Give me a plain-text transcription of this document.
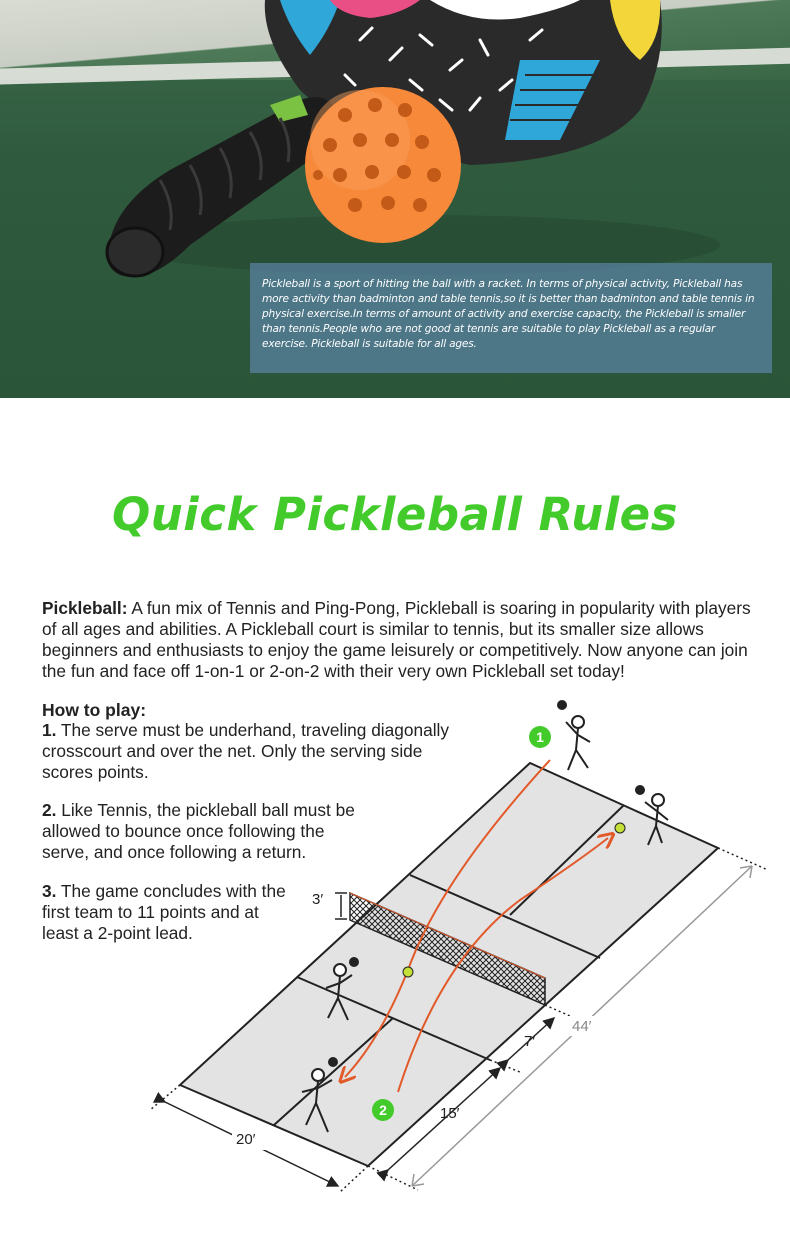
Pickleball is a sport of hitting the ball with a racket. In terms of physical activity, Pickleball has more activity than badminton and table tennis,so it is better than badminton and table tennis in physical exercise.In terms of amount of activity and exercise capacity, the Pickleball is smaller than tennis.People who are not good at tennis are suitable to play Pickleball as a regular exercise. Pickleball is suitable for all ages.

Quick Pickleball Rules
Pickleball: A fun mix of Tennis and Ping-Pong, Pickleball is soaring in popularity with players of all ages and abilities. A Pickleball court is similar to tennis, but its smaller size allows beginners and enthusiasts to enjoy the game leisurely or competitively. Now anyone can join the fun and face off 1-on-1 or 2-on-2 with their very own Pickleball set today!
How to play:
1. The serve must be underhand, traveling diagonally crosscourt and over the net. Only the serving side scores points.
2. Like Tennis, the pickleball ball must be allowed to bounce once following the serve, and once following a return.
3. The game concludes with the first team to 11 points and at least a 2-point lead.
3′
1
2
20′
15′
7′
44′
